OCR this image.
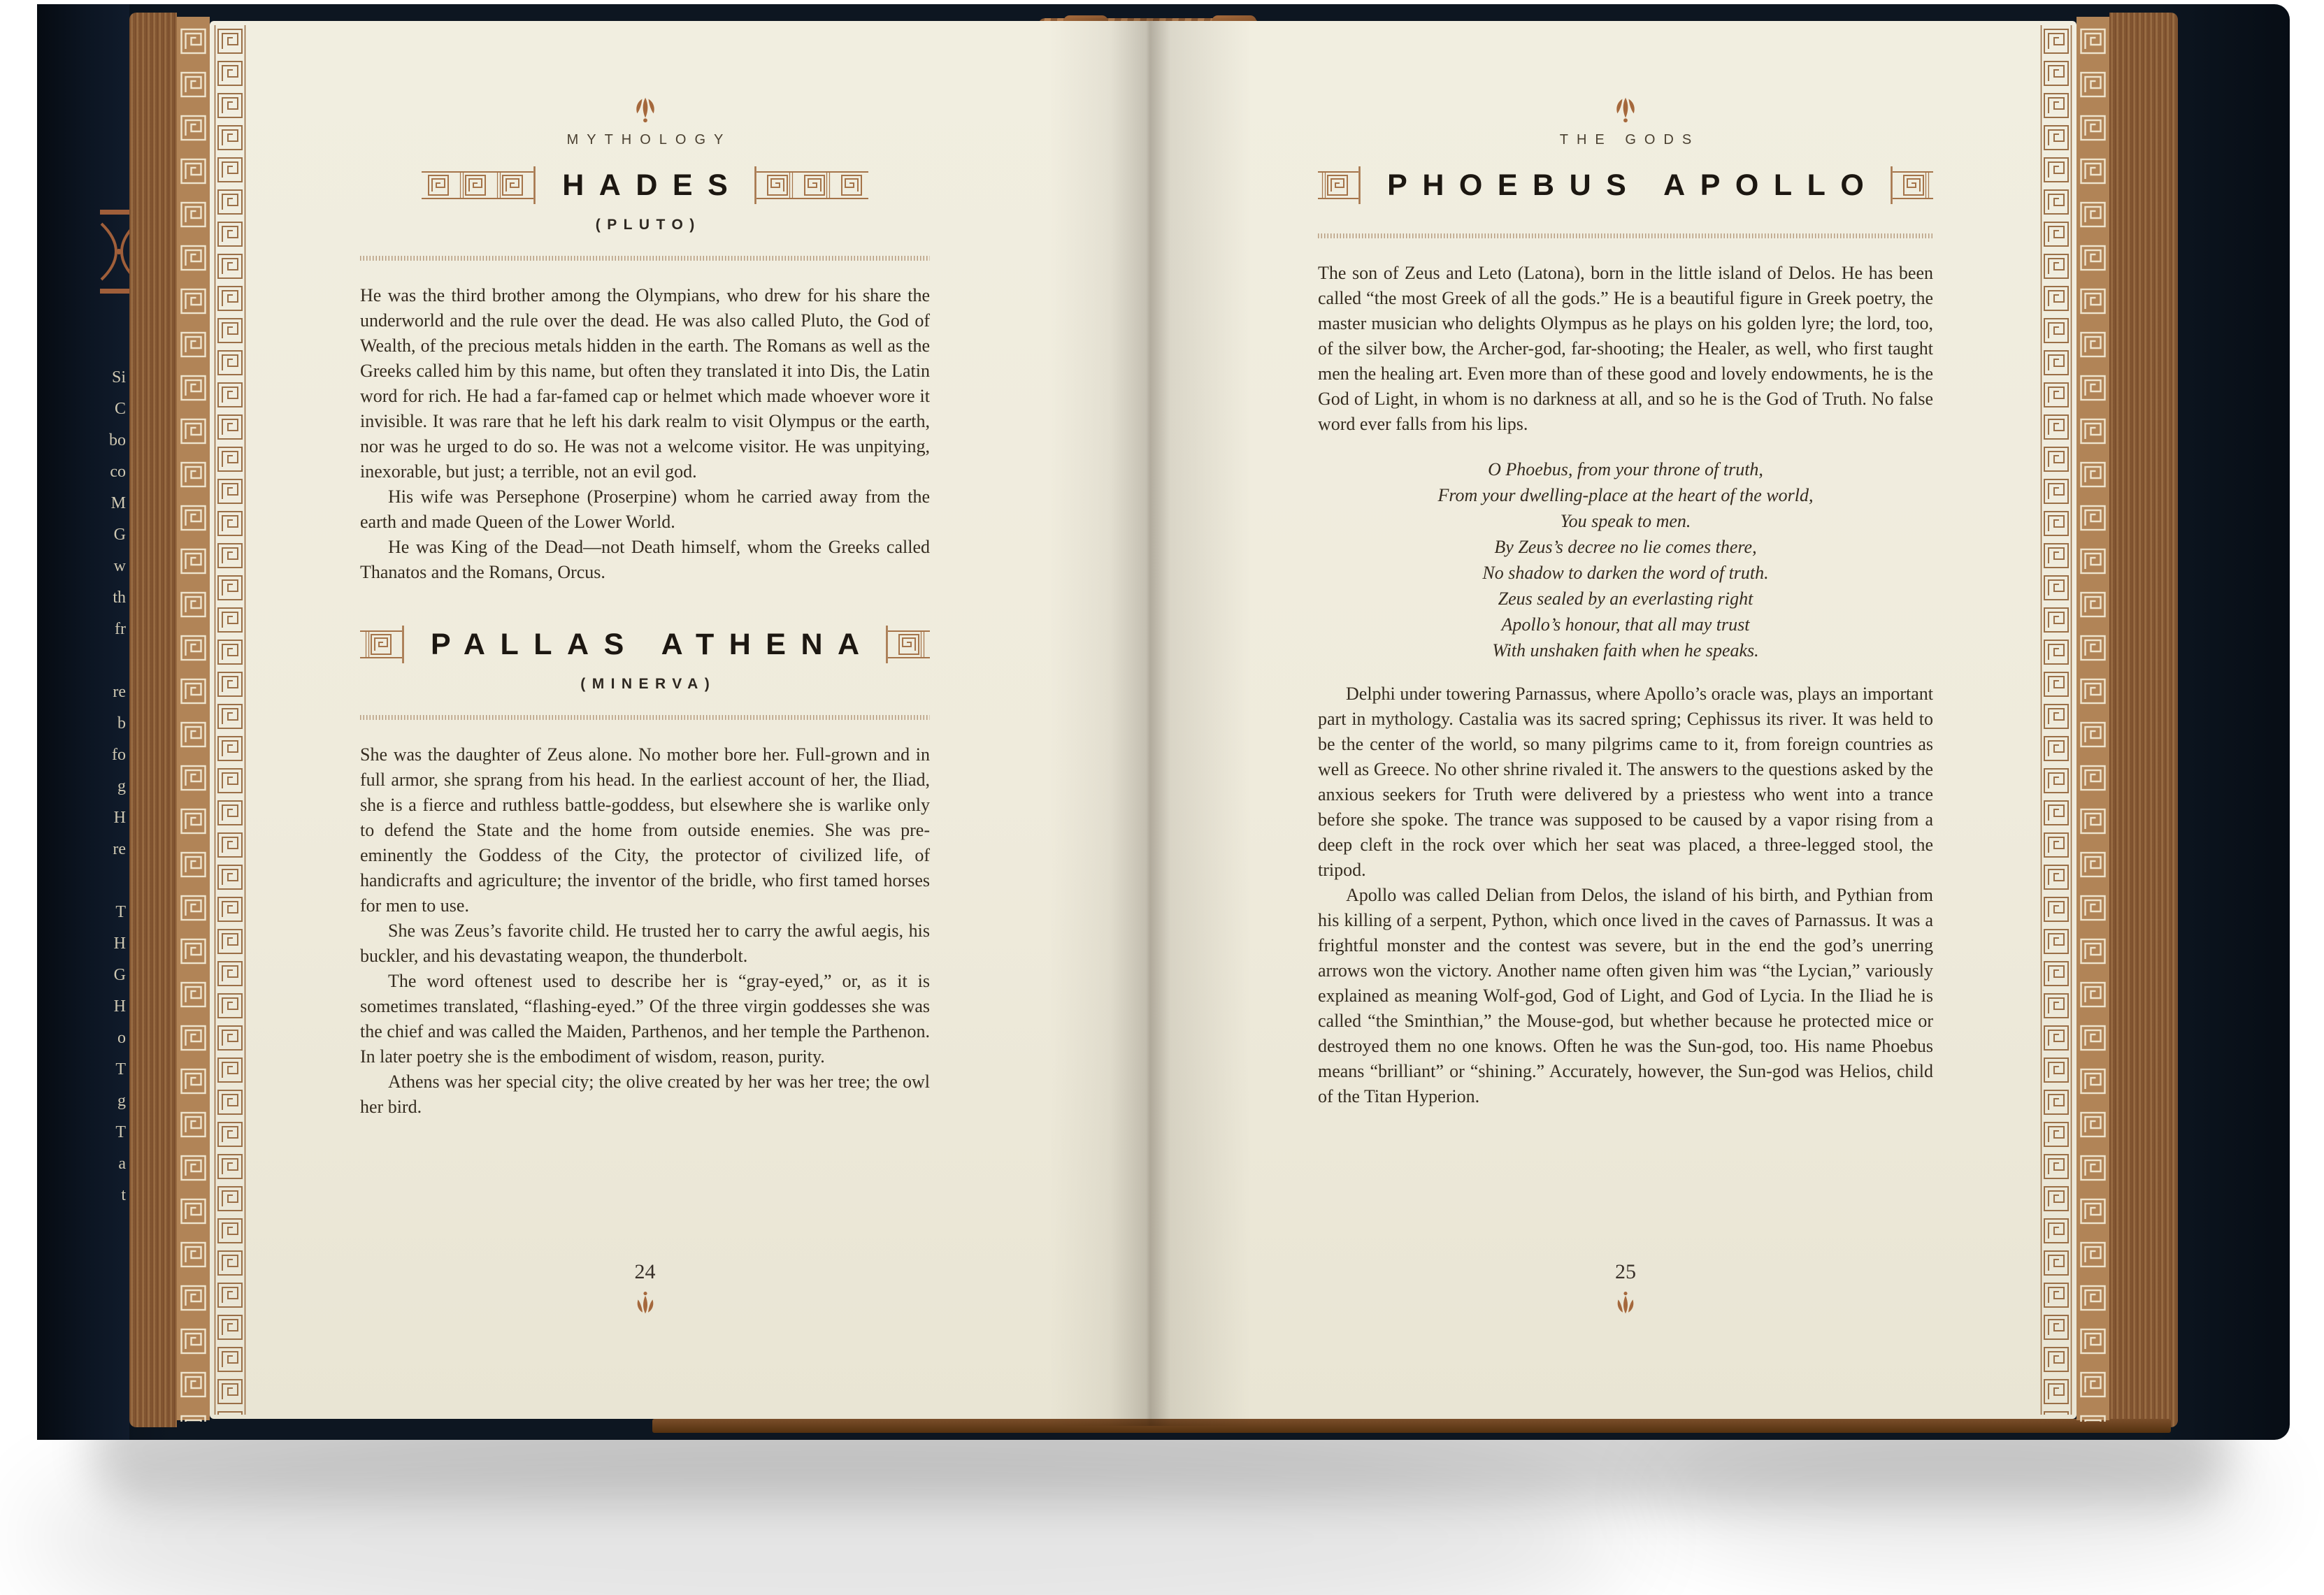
Si
C
bo
co
M
G
w
th
fr
re
b
fo
g
H
re
T
H
G
H
o
T
g
T
a
t
MYTHOLOGY
HADES
(PLUTO)
He was the third brother among the Olympians, who drew for his share the underworld and the rule over the dead. He was also called Pluto, the God of Wealth, of the precious metals hidden in the earth. The Romans as well as the Greeks called him by this name, but often they translated it into Dis, the Latin word for rich. He had a far-famed cap or helmet which made whoever wore it invisible. It was rare that he left his dark realm to visit Olympus or the earth, nor was he urged to do so. He was not a welcome visitor. He was unpitying, inexorable, but just; a terrible, not an evil god.
His wife was Persephone (Proserpine) whom he carried away from the earth and made Queen of the Lower World.
He was King of the Dead—not Death himself, whom the Greeks called Thanatos and the Romans, Orcus.
PALLAS ATHENA
(MINERVA)
She was the daughter of Zeus alone. No mother bore her. Full-grown and in full armor, she sprang from his head. In the earliest account of her, the Iliad, she is a fierce and ruthless battle-goddess, but elsewhere she is warlike only to defend the State and the home from outside enemies. She was pre-eminently the Goddess of the City, the protector of civilized life, of handicrafts and agriculture; the inventor of the bridle, who first tamed horses for men to use.
She was Zeus’s favorite child. He trusted her to carry the awful aegis, his buckler, and his devastating weapon, the thunderbolt.
The word oftenest used to describe her is “gray-eyed,” or, as it is sometimes translated, “flashing-eyed.” Of the three virgin goddesses she was the chief and was called the Maiden, Parthenos, and her temple the Parthenon. In later poetry she is the embodiment of wisdom, reason, purity.
Athens was her special city; the olive created by her was her tree; the owl her bird.
24
THE GODS
PHOEBUS APOLLO
The son of Zeus and Leto (Latona), born in the little island of Delos. He has been called “the most Greek of all the gods.” He is a beautiful figure in Greek poetry, the master musician who delights Olympus as he plays on his golden lyre; the lord, too, of the silver bow, the Archer-god, far-shooting; the Healer, as well, who first taught men the healing art. Even more than of these good and lovely endowments, he is the God of Light, in whom is no darkness at all, and so he is the God of Truth. No false word ever falls from his lips.
O Phoebus, from your throne of truth,
From your dwelling-place at the heart of the world,
You speak to men.
By Zeus’s decree no lie comes there,
No shadow to darken the word of truth.
Zeus sealed by an everlasting right
Apollo’s honour, that all may trust
With unshaken faith when he speaks.
Delphi under towering Parnassus, where Apollo’s oracle was, plays an important part in mythology. Castalia was its sacred spring; Cephissus its river. It was held to be the center of the world, so many pilgrims came to it, from foreign countries as well as Greece. No other shrine rivaled it. The answers to the questions asked by the anxious seekers for Truth were delivered by a priestess who went into a trance before she spoke. The trance was supposed to be caused by a vapor rising from a deep cleft in the rock over which her seat was placed, a three-legged stool, the tripod.
Apollo was called Delian from Delos, the island of his birth, and Pythian from his killing of a serpent, Python, which once lived in the caves of Parnassus. It was a frightful monster and the contest was severe, but in the end the god’s unerring arrows won the victory. Another name often given him was “the Lycian,” variously explained as meaning Wolf-god, God of Light, and God of Lycia. In the Iliad he is called “the Sminthian,” the Mouse-god, but whether because he protected mice or destroyed them no one knows. Often he was the Sun-god, too. His name Phoebus means “brilliant” or “shining.” Accurately, however, the Sun-god was Helios, child of the Titan Hyperion.
25
